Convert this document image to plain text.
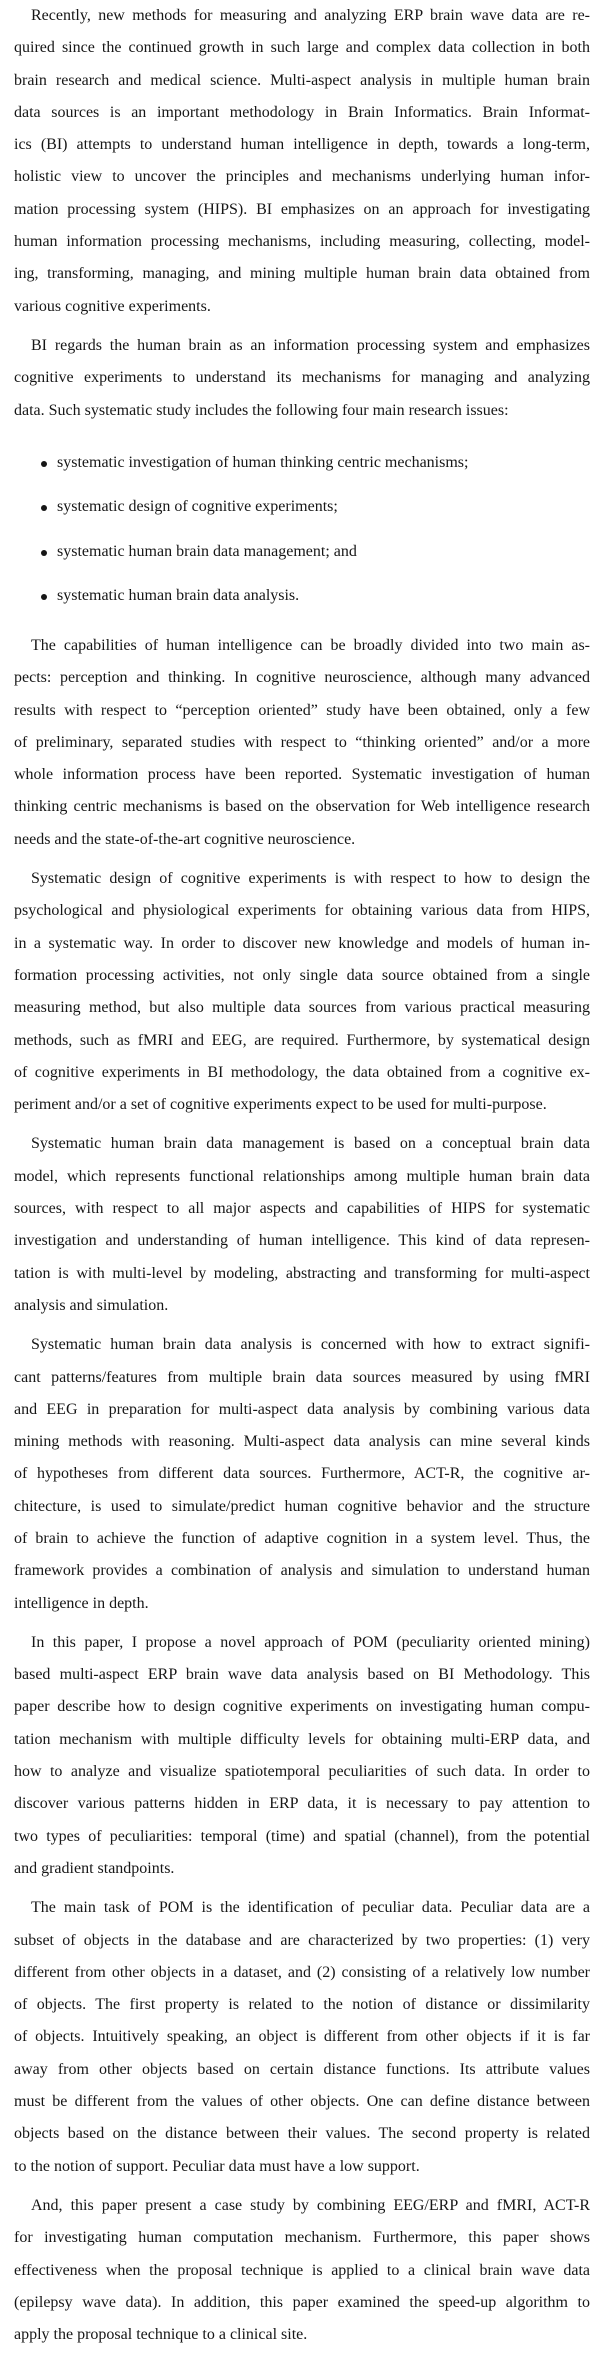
Recently, new methods for measuring and analyzing ERP brain wave data are re-
quired since the continued growth in such large and complex data collection in both
brain research and medical science. Multi-aspect analysis in multiple human brain
data sources is an important methodology in Brain Informatics. Brain Informat-
ics (BI) attempts to understand human intelligence in depth, towards a long-term,
holistic view to uncover the principles and mechanisms underlying human infor-
mation processing system (HIPS). BI emphasizes on an approach for investigating
human information processing mechanisms, including measuring, collecting, model-
ing, transforming, managing, and mining multiple human brain data obtained from
various cognitive experiments.
BI regards the human brain as an information processing system and emphasizes
cognitive experiments to understand its mechanisms for managing and analyzing
data. Such systematic study includes the following four main research issues:
systematic investigation of human thinking centric mechanisms;
systematic design of cognitive experiments;
systematic human brain data management; and
systematic human brain data analysis.
The capabilities of human intelligence can be broadly divided into two main as-
pects: perception and thinking. In cognitive neuroscience, although many advanced
results with respect to “perception oriented” study have been obtained, only a few
of preliminary, separated studies with respect to “thinking oriented” and/or a more
whole information process have been reported. Systematic investigation of human
thinking centric mechanisms is based on the observation for Web intelligence research
needs and the state-of-the-art cognitive neuroscience.
Systematic design of cognitive experiments is with respect to how to design the
psychological and physiological experiments for obtaining various data from HIPS,
in a systematic way. In order to discover new knowledge and models of human in-
formation processing activities, not only single data source obtained from a single
measuring method, but also multiple data sources from various practical measuring
methods, such as fMRI and EEG, are required. Furthermore, by systematical design
of cognitive experiments in BI methodology, the data obtained from a cognitive ex-
periment and/or a set of cognitive experiments expect to be used for multi-purpose.
Systematic human brain data management is based on a conceptual brain data
model, which represents functional relationships among multiple human brain data
sources, with respect to all major aspects and capabilities of HIPS for systematic
investigation and understanding of human intelligence. This kind of data represen-
tation is with multi-level by modeling, abstracting and transforming for multi-aspect
analysis and simulation.
Systematic human brain data analysis is concerned with how to extract signifi-
cant patterns/features from multiple brain data sources measured by using fMRI
and EEG in preparation for multi-aspect data analysis by combining various data
mining methods with reasoning. Multi-aspect data analysis can mine several kinds
of hypotheses from different data sources. Furthermore, ACT-R, the cognitive ar-
chitecture, is used to simulate/predict human cognitive behavior and the structure
of brain to achieve the function of adaptive cognition in a system level. Thus, the
framework provides a combination of analysis and simulation to understand human
intelligence in depth.
In this paper, I propose a novel approach of POM (peculiarity oriented mining)
based multi-aspect ERP brain wave data analysis based on BI Methodology. This
paper describe how to design cognitive experiments on investigating human compu-
tation mechanism with multiple difficulty levels for obtaining multi-ERP data, and
how to analyze and visualize spatiotemporal peculiarities of such data. In order to
discover various patterns hidden in ERP data, it is necessary to pay attention to
two types of peculiarities: temporal (time) and spatial (channel), from the potential
and gradient standpoints.
The main task of POM is the identification of peculiar data. Peculiar data are a
subset of objects in the database and are characterized by two properties: (1) very
different from other objects in a dataset, and (2) consisting of a relatively low number
of objects. The first property is related to the notion of distance or dissimilarity
of objects. Intuitively speaking, an object is different from other objects if it is far
away from other objects based on certain distance functions. Its attribute values
must be different from the values of other objects. One can define distance between
objects based on the distance between their values. The second property is related
to the notion of support. Peculiar data must have a low support.
And, this paper present a case study by combining EEG/ERP and fMRI, ACT-R
for investigating human computation mechanism. Furthermore, this paper shows
effectiveness when the proposal technique is applied to a clinical brain wave data
(epilepsy wave data). In addition, this paper examined the speed-up algorithm to
apply the proposal technique to a clinical site.
